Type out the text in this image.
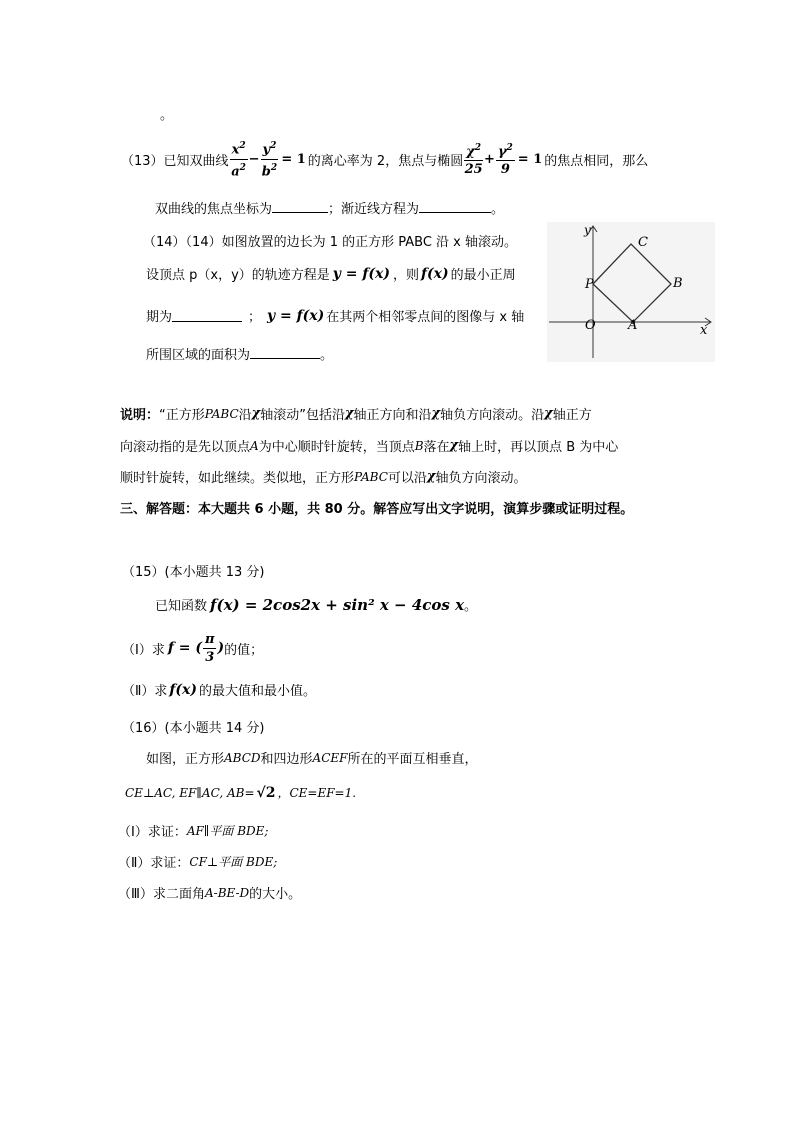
。
（13） 已知双曲线 $\frac{x^2}{a^2} - \frac{y^2}{b^2} = 1$ 的离心率为 2，焦点与椭圆 $\frac{\chi^2}{25} + \frac{\gamma^2}{9} = 1$ 的焦点相同，那么
双曲线的焦点坐标为	；渐近线方程为	。
（14）（14）如图放置的边长为 1 的正方形 PABC 沿 x 轴滚动。
设顶点 p（x，y）的轨迹方程是 y = f(x) ，则 f(x) 的最小正周
期为	； y = f(x) 在其两个相邻零点间的图像与 x 轴
所围区域的面积为	。
y
x
O A
B
C
P
说明： “正方形 PABC 沿 χ 轴滚动”包括沿 χ 轴正方向和沿 χ 轴负方向滚动。沿 χ 轴正方
向滚动指的是先以顶点 A 为中心顺时针旋转，当顶点 B 落在 χ 轴上时，再以顶点 B 为中心
顺时针旋转，如此继续。类似地，正方形 PABC 可以沿 χ 轴负方向滚动。
三、解答题：本大题共 6 小题，共 80 分。解答应写出文字说明，演算步骤或证明过程。
（15）(本小题共 13 分)
已知函数 f(x) = 2cos2x + sin² x − 4cos x 。
（Ⅰ）求 f = ( $\frac{\pi}{3}$ ) 的值；
（Ⅱ）求 f(x) 的最大值和最小值。
（16）(本小题共 14 分)
如图，正方形 ABCD 和四边形 ACEF 所在的平面互相垂直，
CE⊥AC, EF∥AC, AB= √2 ，CE=EF=1.
（Ⅰ）求证： AF∥平面 BDE;
（Ⅱ）求证： CF⊥平面 BDE;
（Ⅲ）求二面角 A-BE-D 的大小。
